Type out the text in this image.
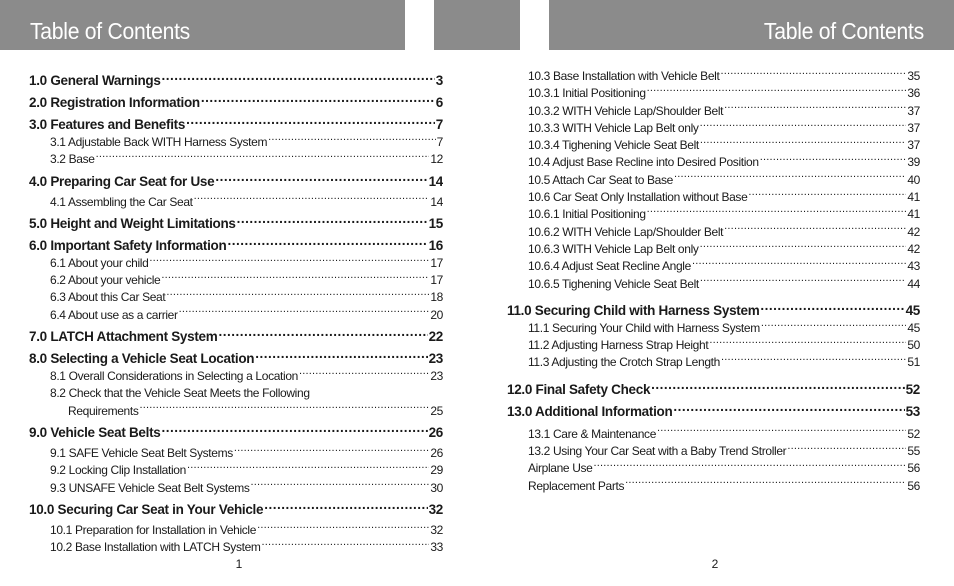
Table of Contents	Table of Contents
1.0 General Warnings .....	3
2.0 Registration Information .....	6
3.0 Features and Benefits .....	7
3.1 Adjustable Back WITH Harness System .....	7
3.2 Base .....	12
4.0 Preparing Car Seat for Use .....	14
4.1 Assembling the Car Seat .....	14
5.0 Height and Weight Limitations .....	15
6.0 Important Safety Information .....	16
6.1 About your child .....	17
6.2 About your vehicle .....	17
6.3 About this Car Seat .....	18
6.4 About use as a carrier .....	20
7.0 LATCH Attachment System .....	22
8.0 Selecting a Vehicle Seat Location .....	23
8.1 Overall Considerations in Selecting a Location .....	23
8.2 Check that the Vehicle Seat Meets the Following
Requirements .....	25
9.0 Vehicle Seat Belts .....	26
9.1 SAFE Vehicle Seat Belt Systems .....	26
9.2 Locking Clip Installation .....	29
9.3 UNSAFE Vehicle Seat Belt Systems .....	30
10.0 Securing Car Seat in Your Vehicle .....	32
10.1 Preparation for Installation in Vehicle .....	32
10.2 Base Installation with LATCH System .....	33
10.3 Base Installation with Vehicle Belt .....	35
10.3.1 Initial Positioning .....	36
10.3.2 WITH Vehicle Lap/Shoulder Belt .....	37
10.3.3 WITH Vehicle Lap Belt only .....	37
10.3.4 Tighening Vehicle Seat Belt .....	37
10.4 Adjust Base Recline into Desired Position .....	39
10.5 Attach Car Seat to Base .....	40
10.6 Car Seat Only Installation without Base .....	41
10.6.1 Initial Positioning .....	41
10.6.2 WITH Vehicle Lap/Shoulder Belt .....	42
10.6.3 WITH Vehicle Lap Belt only .....	42
10.6.4 Adjust Seat Recline Angle .....	43
10.6.5 Tighening Vehicle Seat Belt .....	44
11.0 Securing Child with Harness System .....	45
11.1 Securing Your Child with Harness System .....	45
11.2 Adjusting Harness Strap Height .....	50
11.3 Adjusting the Crotch Strap Length .....	51
12.0 Final Safety Check .....	52
13.0 Additional Information .....	53
13.1 Care & Maintenance .....	52
13.2 Using Your Car Seat with a Baby Trend Stroller .....	55
Airplane Use .....	56
Replacement Parts .....	56
1	2
